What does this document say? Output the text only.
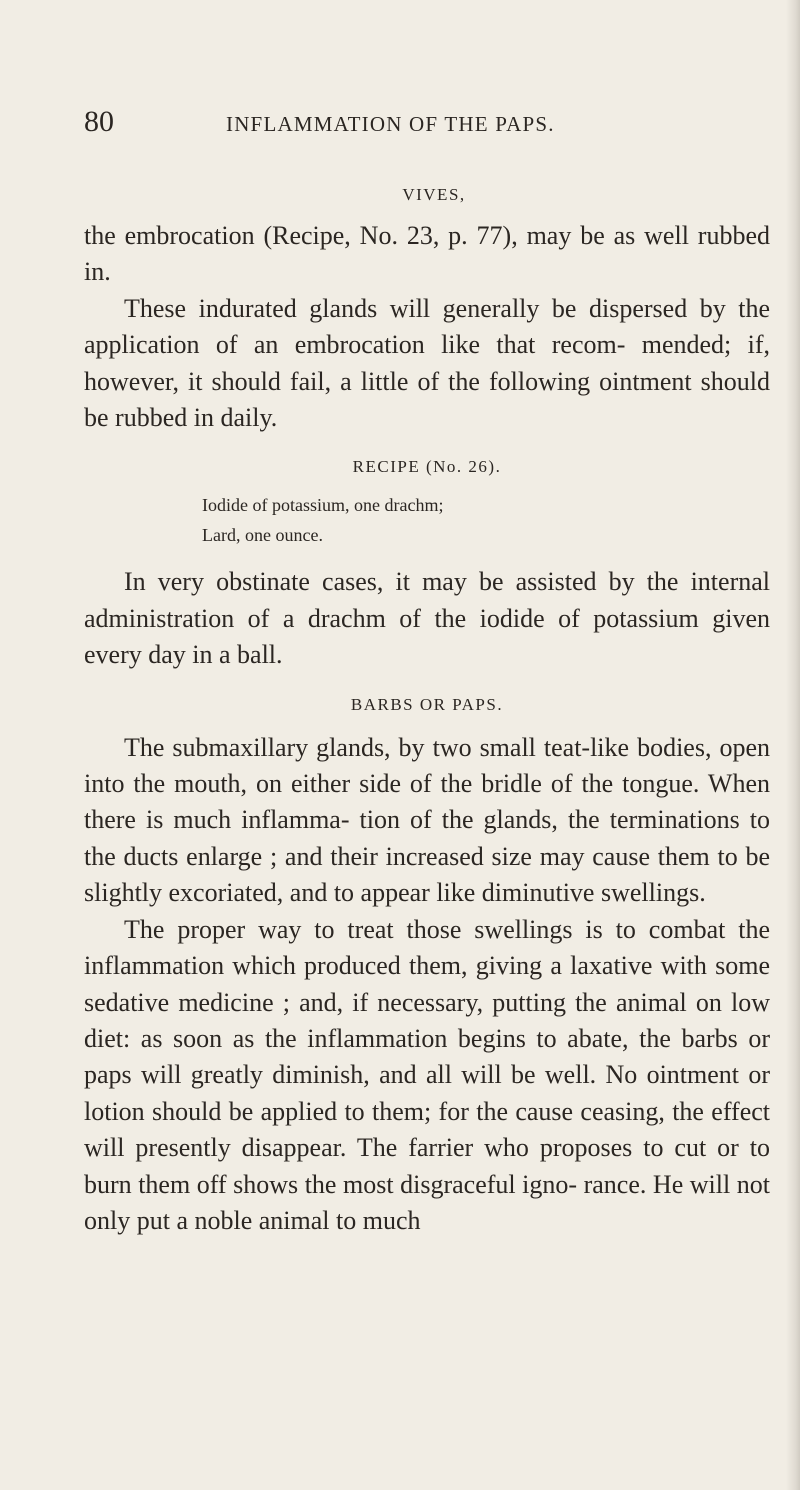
80	INFLAMMATION OF THE PAPS.

VIVES,

the embrocation (Recipe, No. 23, p. 77), may be as well rubbed in.

These indurated glands will generally be dispersed by the application of an embrocation like that recom- mended; if, however, it should fail, a little of the following ointment should be rubbed in daily.

RECIPE (No. 26).

Iodide of potassium, one drachm;
Lard, one ounce.

In very obstinate cases, it may be assisted by the internal administration of a drachm of the iodide of potassium given every day in a ball.

BARBS OR PAPS.

The submaxillary glands, by two small teat-like bodies, open into the mouth, on either side of the bridle of the tongue. When there is much inflamma- tion of the glands, the terminations to the ducts enlarge ; and their increased size may cause them to be slightly excoriated, and to appear like diminutive swellings.

The proper way to treat those swellings is to combat the inflammation which produced them, giving a laxative with some sedative medicine ; and, if necessary, putting the animal on low diet: as soon as the inflammation begins to abate, the barbs or paps will greatly diminish, and all will be well. No ointment or lotion should be applied to them; for the cause ceasing, the effect will presently disappear. The farrier who proposes to cut or to burn them off shows the most disgraceful igno- rance. He will not only put a noble animal to much
